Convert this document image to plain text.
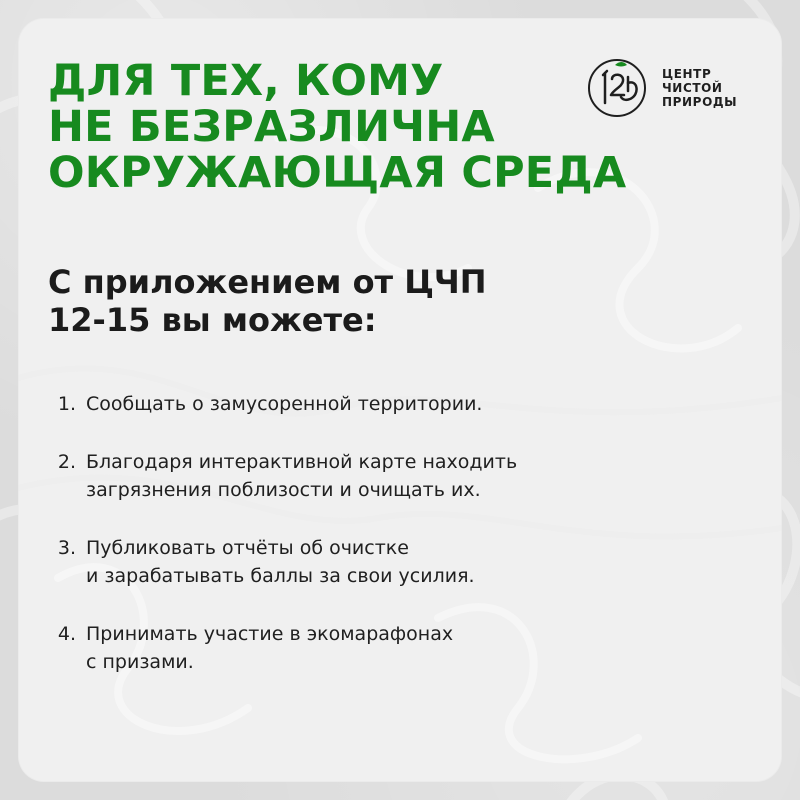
ДЛЯ ТЕХ, КОМУ
НЕ БЕЗРАЗЛИЧНА
ОКРУЖАЮЩАЯ СРЕДА
ЦЕНТР
ЧИСТОЙ
ПРИРОДЫ
С приложением от ЦЧП
12-15 вы можете:
1. Сообщать о замусоренной территории.
2. Благодаря интерактивной карте находить
загрязнения поблизости и очищать их.
3. Публиковать отчёты об очистке
и зарабатывать баллы за свои усилия.
4. Принимать участие в экомарафонах
с призами.
